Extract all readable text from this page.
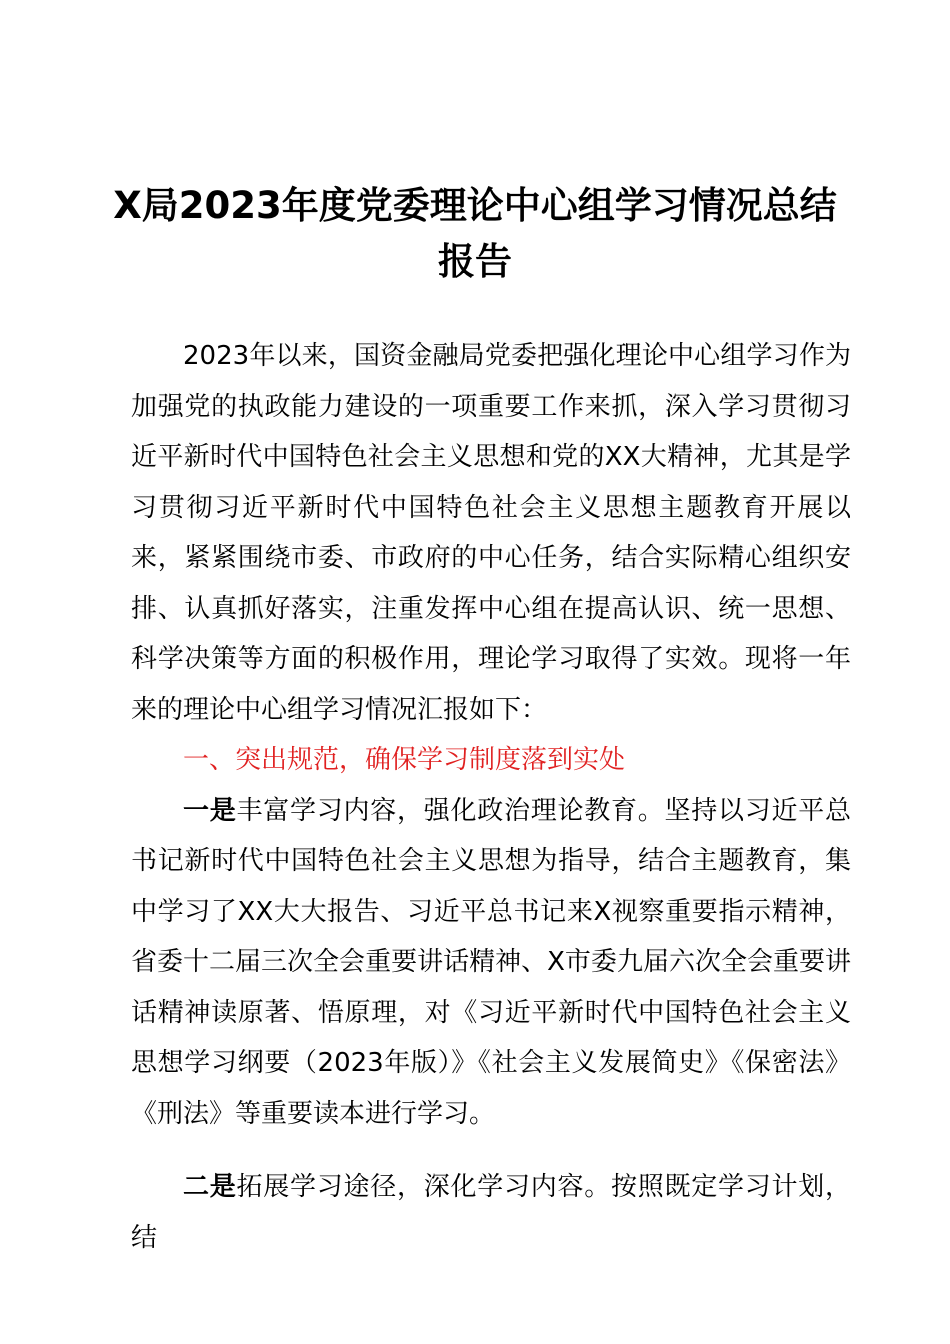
X局2023年度党委理论中心组学习情况总结报告

2023年以来，国资金融局党委把强化理论中心组学习作为加强党的执政能力建设的一项重要工作来抓，深入学习贯彻习近平新时代中国特色社会主义思想和党的XX大精神，尤其是学习贯彻习近平新时代中国特色社会主义思想主题教育开展以来，紧紧围绕市委、市政府的中心任务，结合实际精心组织安排、认真抓好落实，注重发挥中心组在提高认识、统一思想、科学决策等方面的积极作用，理论学习取得了实效。现将一年来的理论中心组学习情况汇报如下：

一、突出规范，确保学习制度落到实处

一是丰富学习内容，强化政治理论教育。坚持以习近平总书记新时代中国特色社会主义思想为指导，结合主题教育，集中学习了XX大大报告、习近平总书记来X视察重要指示精神，省委十二届三次全会重要讲话精神、X市委九届六次全会重要讲话精神读原著、悟原理，对《习近平新时代中国特色社会主义思想学习纲要（2023年版）》《社会主义发展简史》《保密法》《刑法》等重要读本进行学习。

二是拓展学习途径，深化学习内容。按照既定学习计划，结
